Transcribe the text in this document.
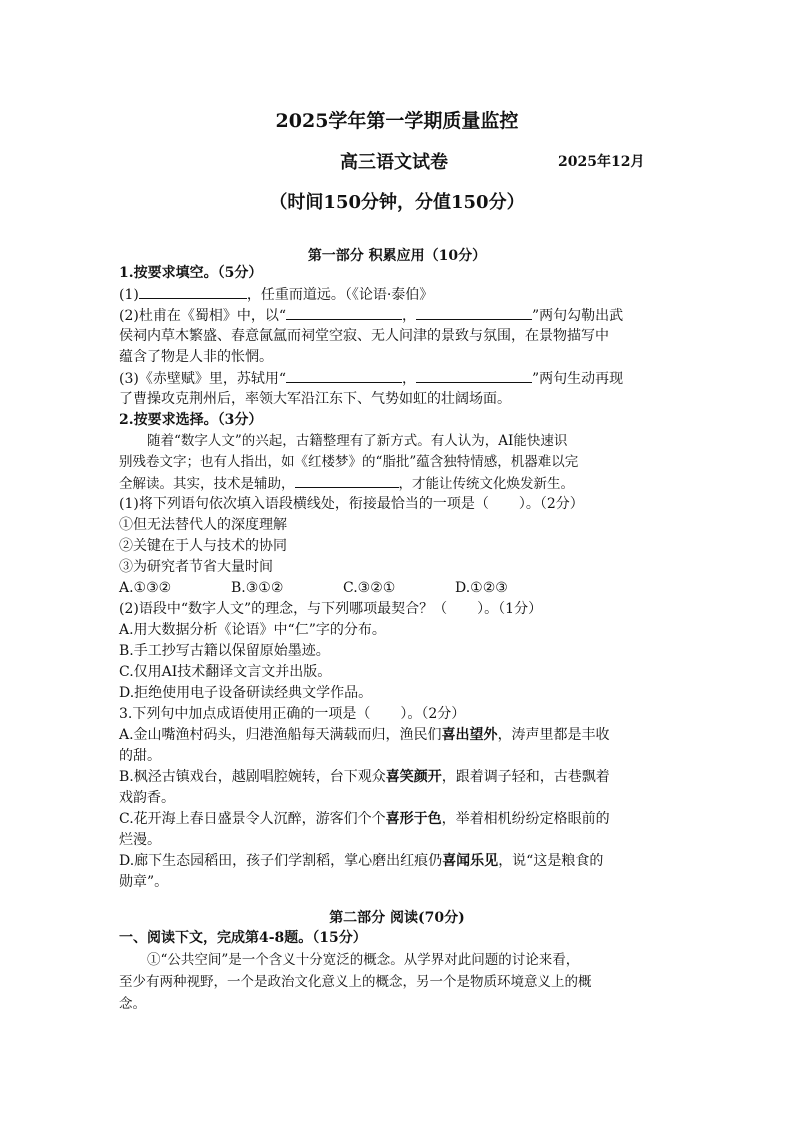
2025学年第一学期质量监控
高三语文试卷	2025年12月
（时间150分钟，分值150分）
第一部分 积累应用（10分）
1.按要求填空。（5分）
(1)	，任重而道远。（《论语·泰伯》
(2)杜甫在《蜀相》中，以“	，	”两句勾勒出武
侯祠内草木繁盛、春意氤氲而祠堂空寂、无人问津的景致与氛围，在景物描写中
蕴含了物是人非的怅惘。
(3)《赤壁赋》里，苏轼用“	，	”两句生动再现
了曹操攻克荆州后，率领大军沿江东下、气势如虹的壮阔场面。
2.按要求选择。（3分）
随着“数字人文”的兴起，古籍整理有了新方式。有人认为，AI能快速识
别残卷文字；也有人指出，如《红楼梦》的“脂批”蕴含独特情感，机器难以完
全解读。其实，技术是辅助，	，才能让传统文化焕发新生。
(1)将下列语句依次填入语段横线处，衔接最恰当的一项是（ ）。（2分）
①但无法替代人的深度理解
②关键在于人与技术的协同
③为研究者节省大量时间
A.①③②	B.③①②	C.③②①	D.①②③
(2)语段中“数字人文”的理念，与下列哪项最契合？（ ）。（1分）
A.用大数据分析《论语》中“仁”字的分布。
B.手工抄写古籍以保留原始墨迹。
C.仅用AI技术翻译文言文并出版。
D.拒绝使用电子设备研读经典文学作品。
3.下列句中加点成语使用正确的一项是（ ）。（2分）
A.金山嘴渔村码头，归港渔船每天满载而归，渔民们喜出望外，涛声里都是丰收
的甜。
B.枫泾古镇戏台，越剧唱腔婉转，台下观众喜笑颜开，跟着调子轻和，古巷飘着
戏韵香。
C.花开海上春日盛景令人沉醉，游客们个个喜形于色，举着相机纷纷定格眼前的
烂漫。
D.廊下生态园稻田，孩子们学割稻，掌心磨出红痕仍喜闻乐见，说“这是粮食的
勋章”。
第二部分 阅读(70分)
一、阅读下文，完成第4-8题。（15分）
①“公共空间”是一个含义十分宽泛的概念。从学界对此问题的讨论来看，
至少有两种视野，一个是政治文化意义上的概念，另一个是物质环境意义上的概
念。
